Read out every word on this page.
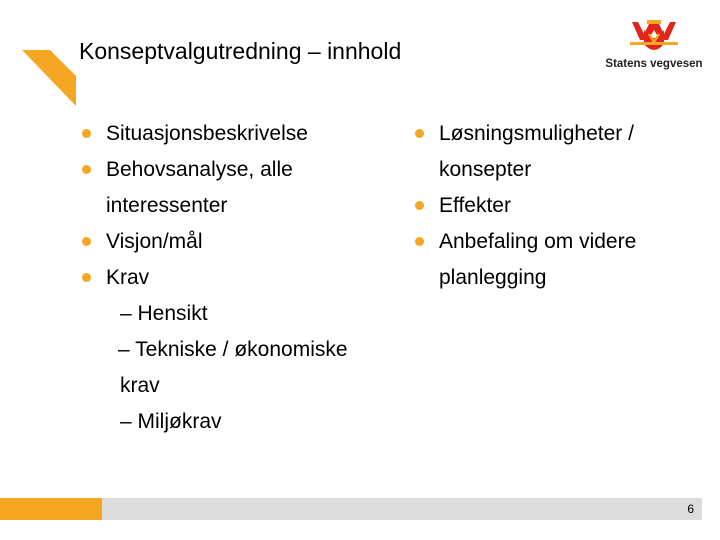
Konseptvalgutredning – innhold	Statens vegvesen
Situasjonsbeskrivelse
Behovsanalyse, alle interessenter
Visjon/mål
Krav
– Hensikt
– Tekniske / økonomiske krav
– Miljøkrav
Løsningsmuligheter / konsepter
Effekter
Anbefaling om videre planlegging
6
